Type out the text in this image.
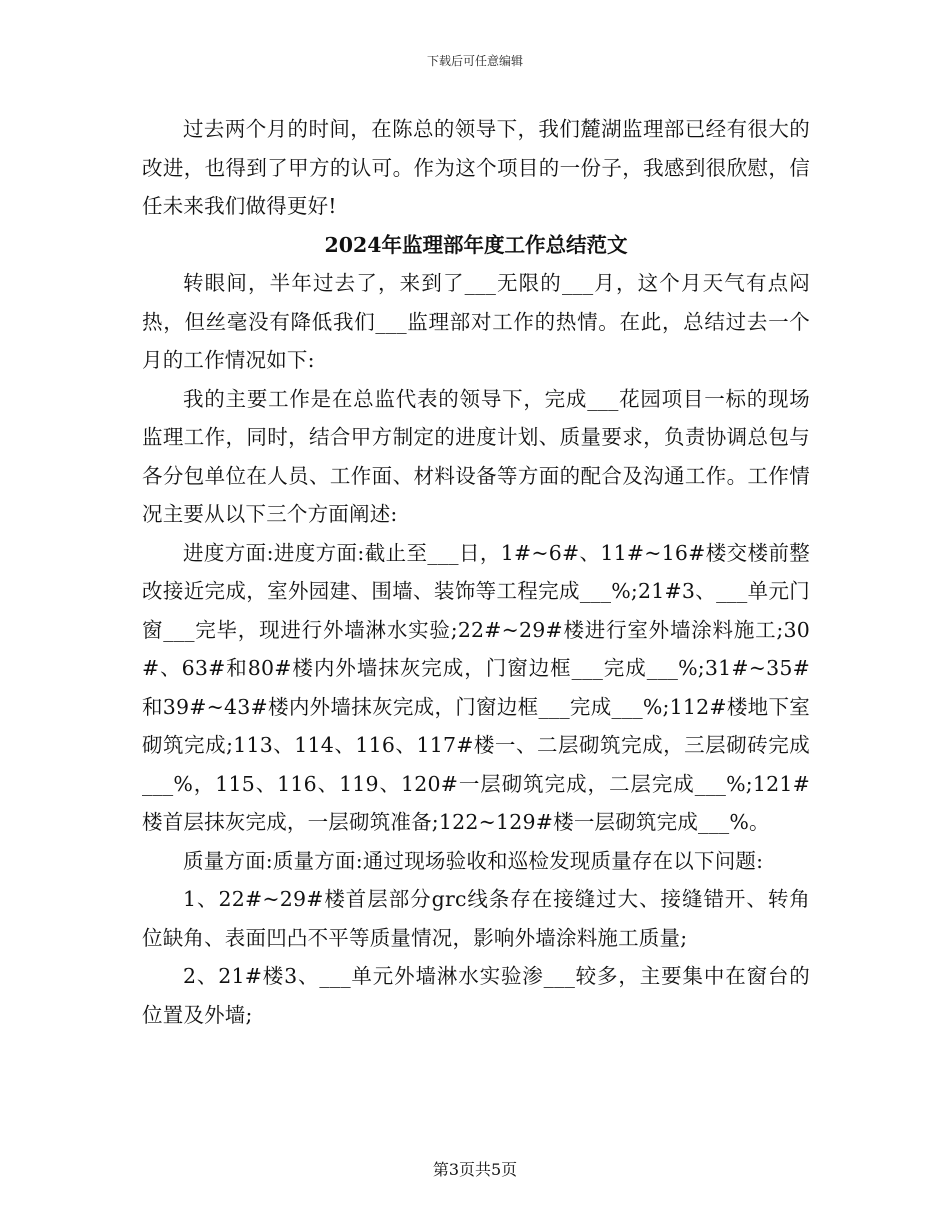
下载后可任意编辑

过去两个月的时间，在陈总的领导下，我们麓湖监理部已经有很大的改进，也得到了甲方的认可。作为这个项目的一份子，我感到很欣慰，信任未来我们做得更好!

2024年监理部年度工作总结范文

转眼间，半年过去了，来到了___无限的___月，这个月天气有点闷热，但丝毫没有降低我们___监理部对工作的热情。在此，总结过去一个月的工作情况如下:

我的主要工作是在总监代表的领导下，完成___花园项目一标的现场监理工作，同时，结合甲方制定的进度计划、质量要求，负责协调总包与各分包单位在人员、工作面、材料设备等方面的配合及沟通工作。工作情况主要从以下三个方面阐述:

进度方面:进度方面:截止至___日，1#~6#、11#~16#楼交楼前整改接近完成，室外园建、围墙、装饰等工程完成___%;21#3、___单元门窗___完毕，现进行外墙淋水实验;22#~29#楼进行室外墙涂料施工;30#、63#和80#楼内外墙抹灰完成，门窗边框___完成___%;31#~35#和39#~43#楼内外墙抹灰完成，门窗边框___完成___%;112#楼地下室砌筑完成;113、114、116、117#楼一、二层砌筑完成，三层砌砖完成___%，115、116、119、120#一层砌筑完成，二层完成___%;121#楼首层抹灰完成，一层砌筑准备;122~129#楼一层砌筑完成___%。

质量方面:质量方面:通过现场验收和巡检发现质量存在以下问题:

1、22#~29#楼首层部分grc线条存在接缝过大、接缝错开、转角位缺角、表面凹凸不平等质量情况，影响外墙涂料施工质量;

2、21#楼3、___单元外墙淋水实验渗___较多，主要集中在窗台的位置及外墙;

第3页共5页
